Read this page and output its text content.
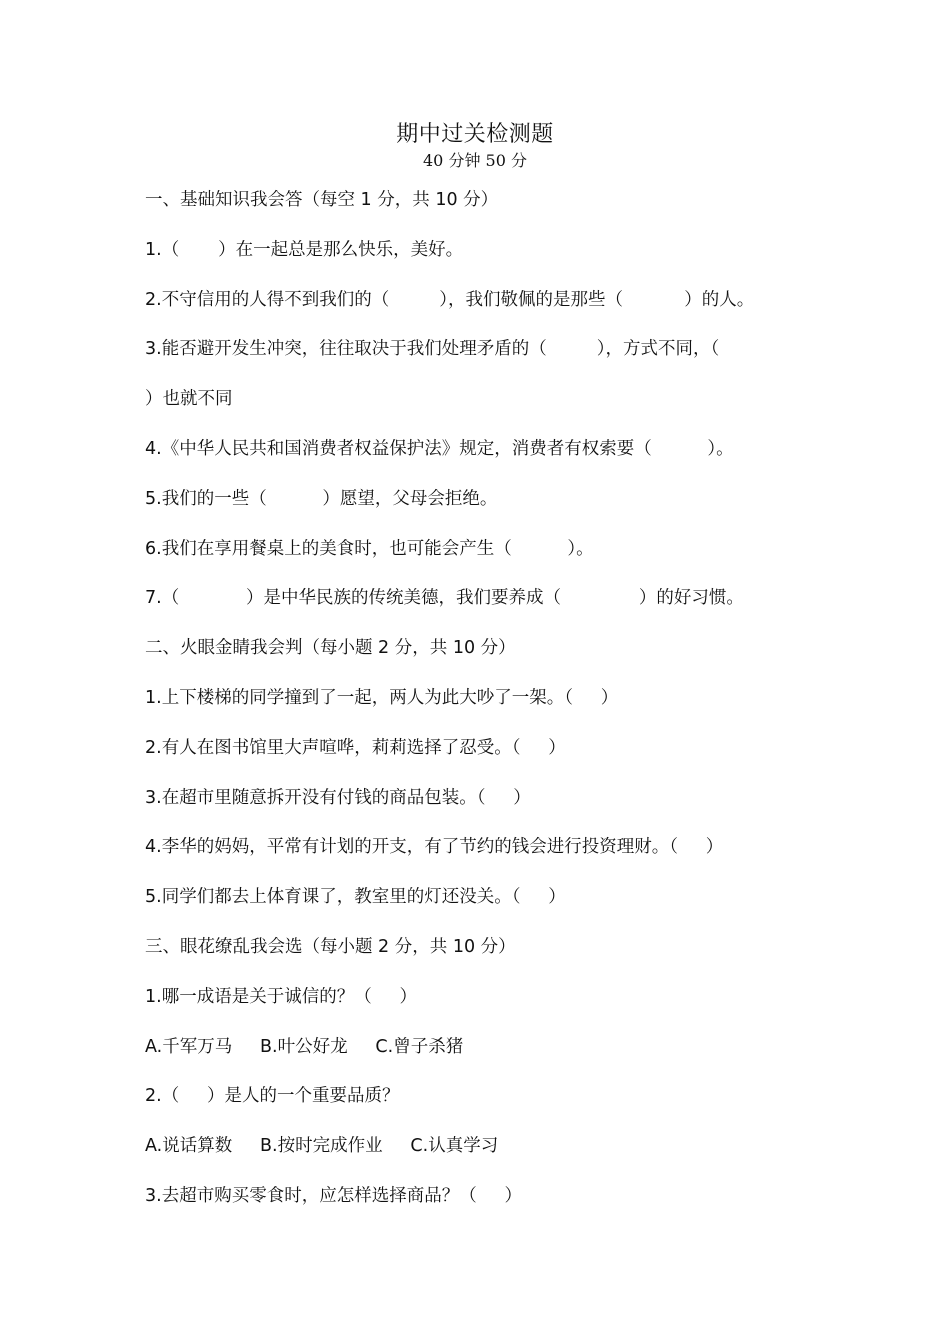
期中过关检测题
40 分钟 50 分
一、基础知识我会答（每空 1 分，共 10 分）
1.（       ）在一起总是那么快乐，美好。
2.不守信用的人得不到我们的（         ），我们敬佩的是那些（           ）的人。
3.能否避开发生冲突，往往取决于我们处理矛盾的（         ），方式不同，（
）也就不同
4.《中华人民共和国消费者权益保护法》规定，消费者有权索要（          ）。
5.我们的一些（          ）愿望，父母会拒绝。
6.我们在享用餐桌上的美食时，也可能会产生（          ）。
7.（            ）是中华民族的传统美德，我们要养成（              ）的好习惯。
二、火眼金睛我会判（每小题 2 分，共 10 分）
1.上下楼梯的同学撞到了一起，两人为此大吵了一架。（     ）
2.有人在图书馆里大声喧哗，莉莉选择了忍受。（     ）
3.在超市里随意拆开没有付钱的商品包装。（     ）
4.李华的妈妈，平常有计划的开支，有了节约的钱会进行投资理财。（     ）
5.同学们都去上体育课了，教室里的灯还没关。（     ）
三、眼花缭乱我会选（每小题 2 分，共 10 分）
1.哪一成语是关于诚信的？（     ）
A.千军万马     B.叶公好龙     C.曾子杀猪
2.（     ）是人的一个重要品质？
A.说话算数     B.按时完成作业     C.认真学习
3.去超市购买零食时，应怎样选择商品？（     ）
